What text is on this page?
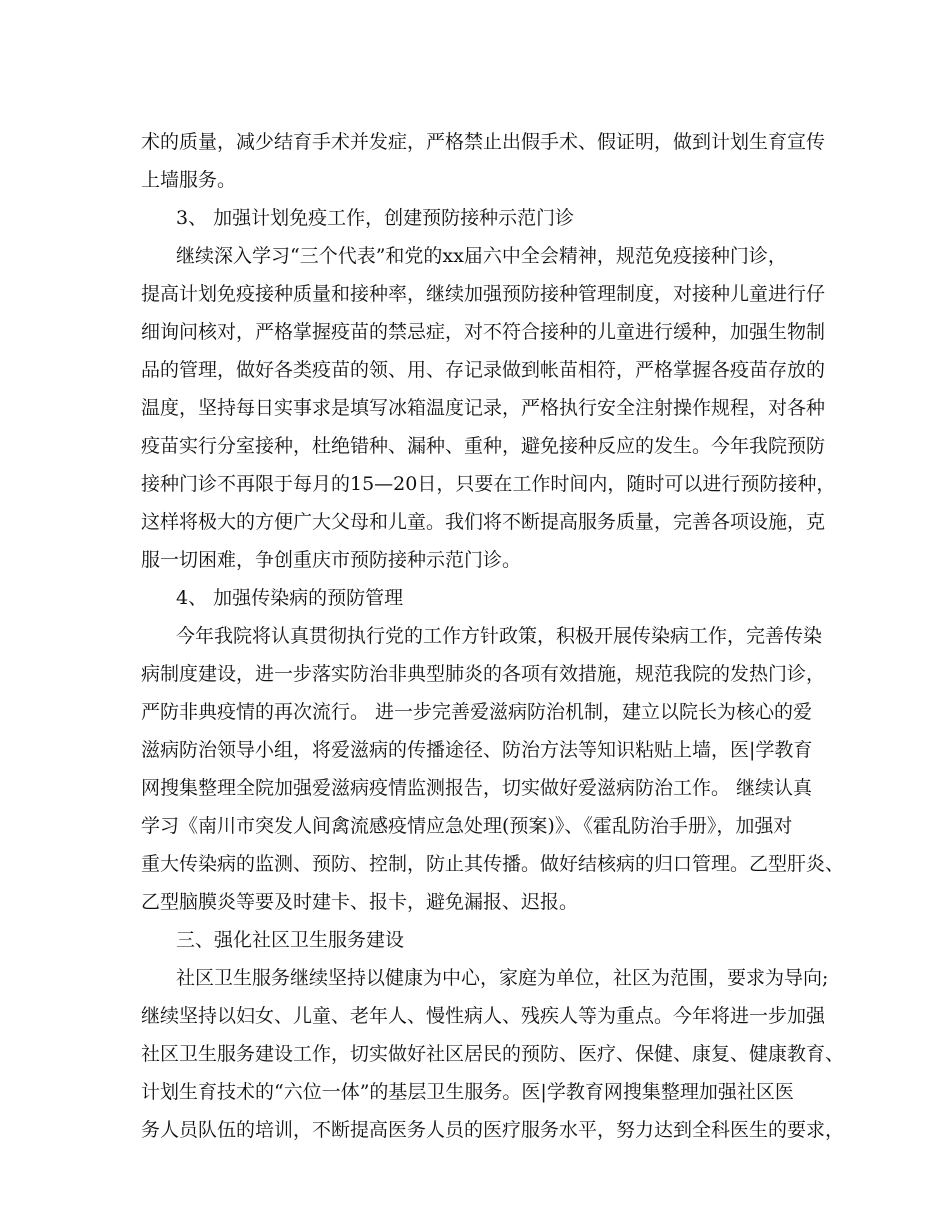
术的质量，减少结育手术并发症，严格禁止出假手术、假证明，做到计划生育宣传
上墙服务。
3、 加强计划免疫工作，创建预防接种示范门诊
继续深入学习“三个代表”和党的xx届六中全会精神，规范免疫接种门诊，
提高计划免疫接种质量和接种率，继续加强预防接种管理制度，对接种儿童进行仔
细询问核对，严格掌握疫苗的禁忌症，对不符合接种的儿童进行缓种，加强生物制
品的管理，做好各类疫苗的领、用、存记录做到帐苗相符，严格掌握各疫苗存放的
温度，坚持每日实事求是填写冰箱温度记录，严格执行安全注射操作规程，对各种
疫苗实行分室接种，杜绝错种、漏种、重种，避免接种反应的发生。今年我院预防
接种门诊不再限于每月的15—20日，只要在工作时间内，随时可以进行预防接种，
这样将极大的方便广大父母和儿童。我们将不断提高服务质量，完善各项设施，克
服一切困难，争创重庆市预防接种示范门诊。
4、 加强传染病的预防管理
今年我院将认真贯彻执行党的工作方针政策，积极开展传染病工作，完善传染
病制度建设，进一步落实防治非典型肺炎的各项有效措施，规范我院的发热门诊，
严防非典疫情的再次流行。 进一步完善爱滋病防治机制，建立以院长为核心的爱
滋病防治领导小组，将爱滋病的传播途径、防治方法等知识粘贴上墙，医|学教育
网搜集整理全院加强爱滋病疫情监测报告，切实做好爱滋病防治工作。 继续认真
学习《南川市突发人间禽流感疫情应急处理(预案)》、《霍乱防治手册》，加强对
重大传染病的监测、预防、控制，防止其传播。做好结核病的归口管理。乙型肝炎、
乙型脑膜炎等要及时建卡、报卡，避免漏报、迟报。
三、强化社区卫生服务建设
社区卫生服务继续坚持以健康为中心，家庭为单位，社区为范围，要求为导向;
继续坚持以妇女、儿童、老年人、慢性病人、残疾人等为重点。今年将进一步加强
社区卫生服务建设工作，切实做好社区居民的预防、医疗、保健、康复、健康教育、
计划生育技术的“六位一体”的基层卫生服务。医|学教育网搜集整理加强社区医
务人员队伍的培训，不断提高医务人员的医疗服务水平，努力达到全科医生的要求，
